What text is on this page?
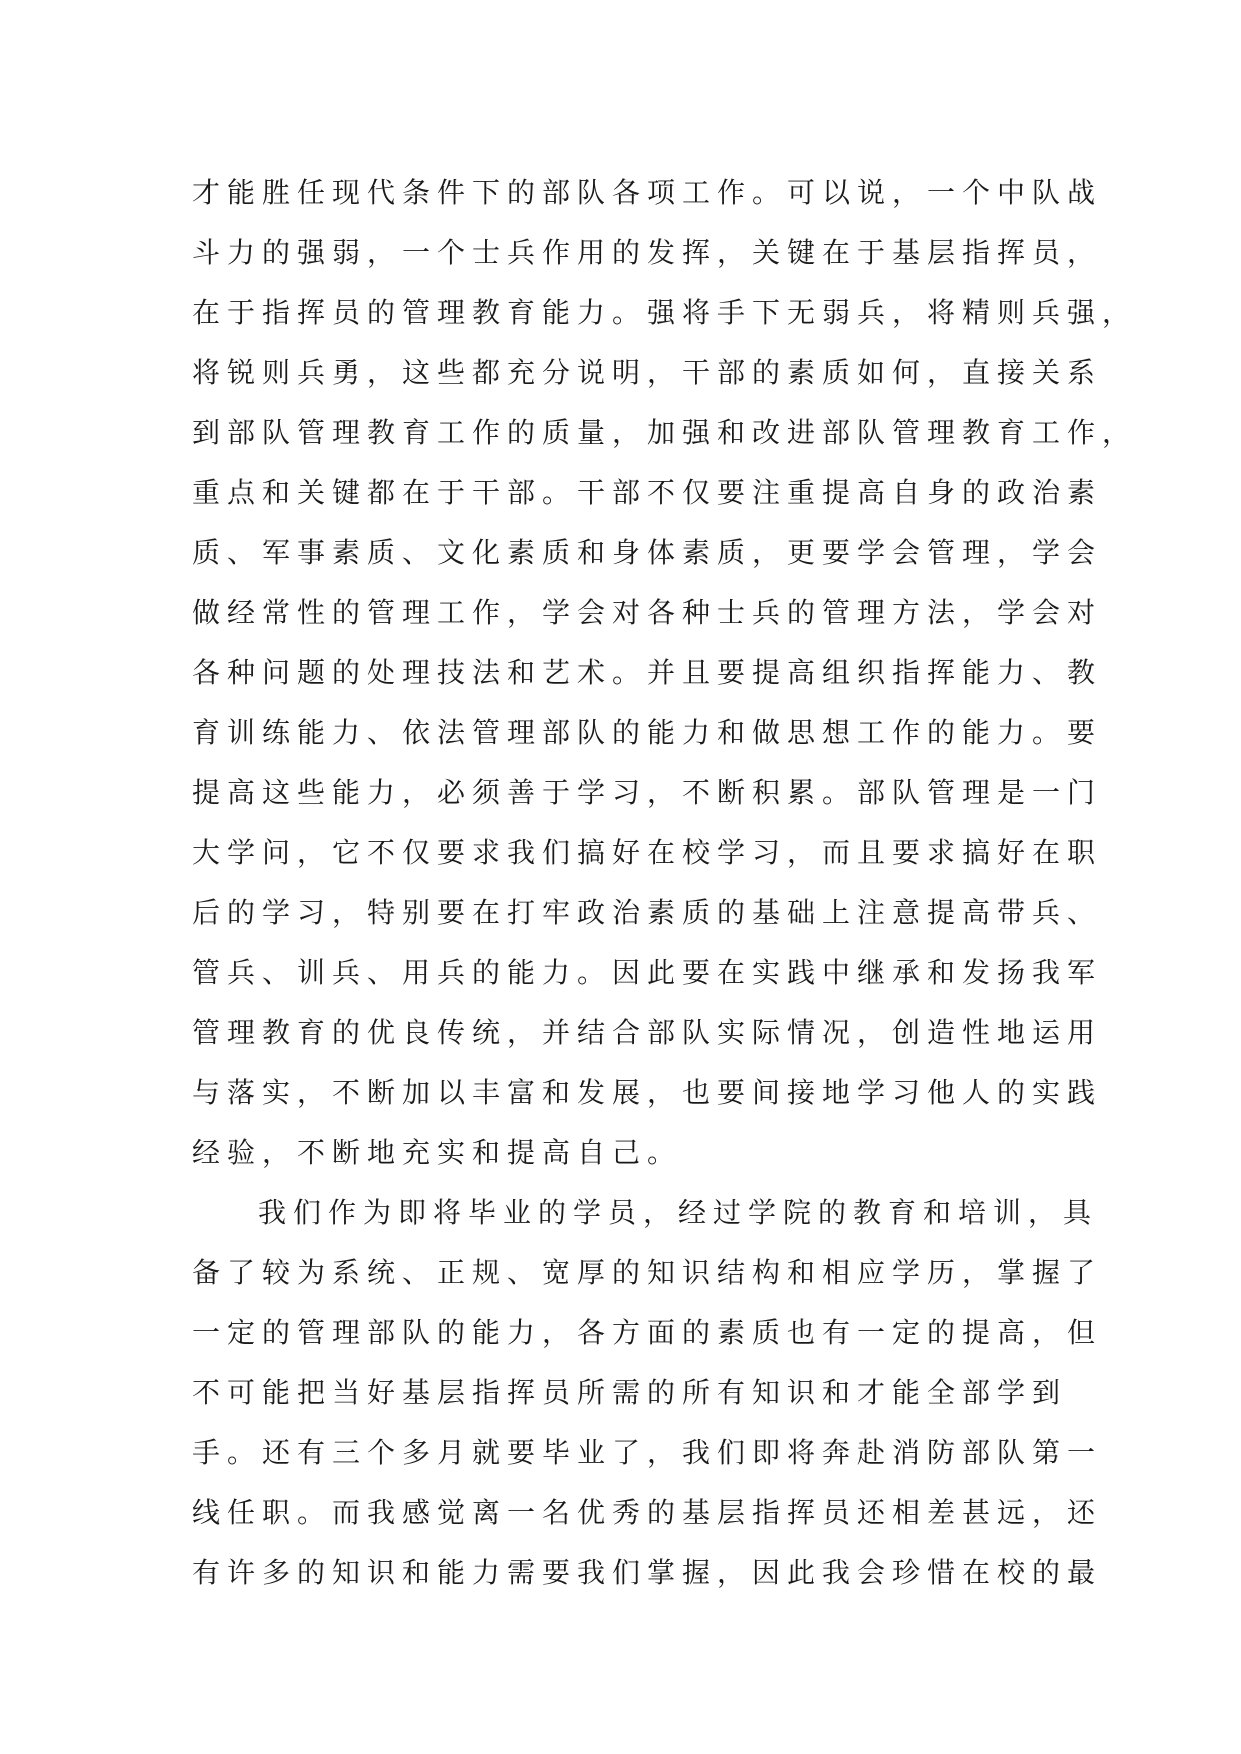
才能胜任现代条件下的部队各项工作。可以说，一个中队战
斗力的强弱，一个士兵作用的发挥，关键在于基层指挥员，
在于指挥员的管理教育能力。强将手下无弱兵，将精则兵强，
将锐则兵勇，这些都充分说明，干部的素质如何，直接关系
到部队管理教育工作的质量，加强和改进部队管理教育工作，
重点和关键都在于干部。干部不仅要注重提高自身的政治素
质、军事素质、文化素质和身体素质，更要学会管理，学会
做经常性的管理工作，学会对各种士兵的管理方法，学会对
各种问题的处理技法和艺术。并且要提高组织指挥能力、教
育训练能力、依法管理部队的能力和做思想工作的能力。要
提高这些能力，必须善于学习，不断积累。部队管理是一门
大学问，它不仅要求我们搞好在校学习，而且要求搞好在职
后的学习，特别要在打牢政治素质的基础上注意提高带兵、
管兵、训兵、用兵的能力。因此要在实践中继承和发扬我军
管理教育的优良传统，并结合部队实际情况，创造性地运用
与落实，不断加以丰富和发展，也要间接地学习他人的实践
经验，不断地充实和提高自己。
我们作为即将毕业的学员，经过学院的教育和培训，具
备了较为系统、正规、宽厚的知识结构和相应学历，掌握了
一定的管理部队的能力，各方面的素质也有一定的提高，但
不可能把当好基层指挥员所需的所有知识和才能全部学到
手。还有三个多月就要毕业了，我们即将奔赴消防部队第一
线任职。而我感觉离一名优秀的基层指挥员还相差甚远，还
有许多的知识和能力需要我们掌握，因此我会珍惜在校的最
